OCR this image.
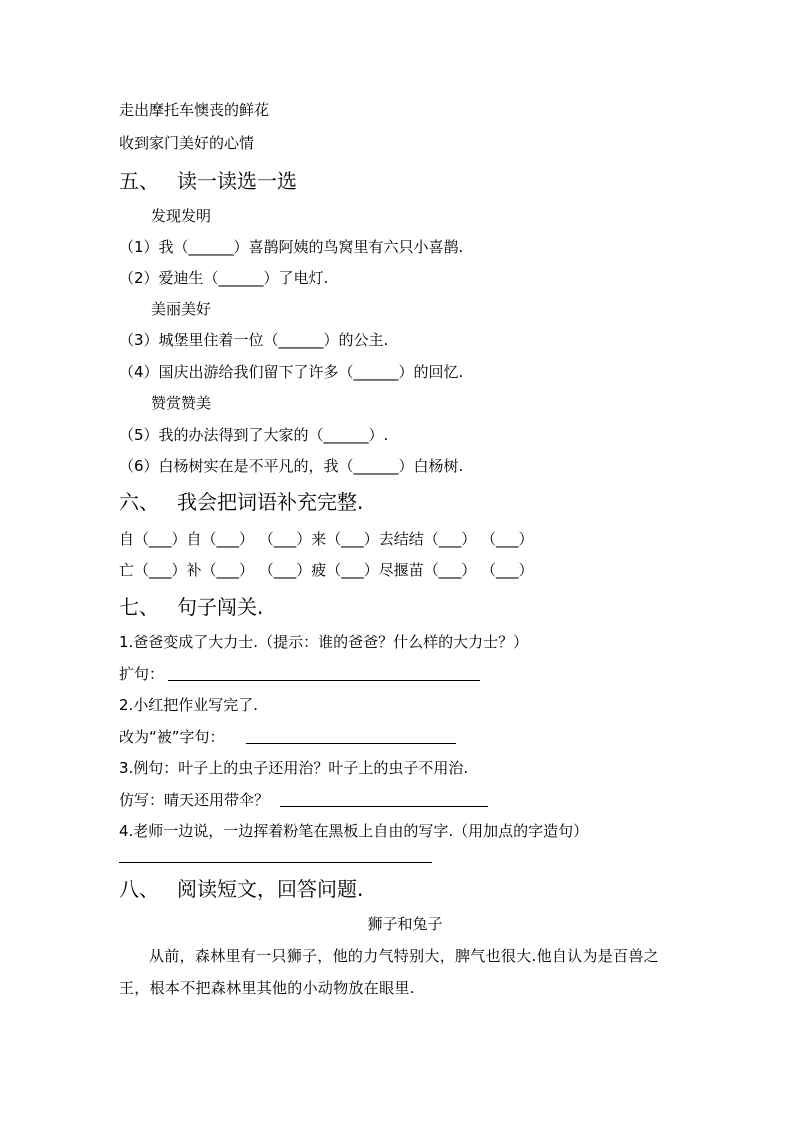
走出摩托车懊丧的鲜花
收到家门美好的心情
五、 读一读选一选
发现发明
（1）我（______）喜鹊阿姨的鸟窝里有六只小喜鹊.
（2）爱迪生（______）了电灯.
美丽美好
（3）城堡里住着一位（______）的公主.
（4）国庆出游给我们留下了许多（______）的回忆.
赞赏赞美
（5）我的办法得到了大家的（______）.
（6）白杨树实在是不平凡的，我（______）白杨树.
六、 我会把词语补充完整.
自（___）自（___） （___）来（___）去结结（___） （___）
亡（___）补（___） （___）疲（___）尽揠苗（___） （___）
七、 句子闯关.
1.爸爸变成了大力士.（提示：谁的爸爸？什么样的大力士？）
扩句：
2.小红把作业写完了.
改为“被”字句：
3.例句：叶子上的虫子还用治？叶子上的虫子不用治.
仿写：晴天还用带伞？
4.老师一边说，一边挥着粉笔在黑板上自由的写字.（用加点的字造句）
八、 阅读短文，回答问题.
狮子和兔子
从前，森林里有一只狮子，他的力气特别大，脾气也很大.他自认为是百兽之王，根本不把森林里其他的小动物放在眼里.
